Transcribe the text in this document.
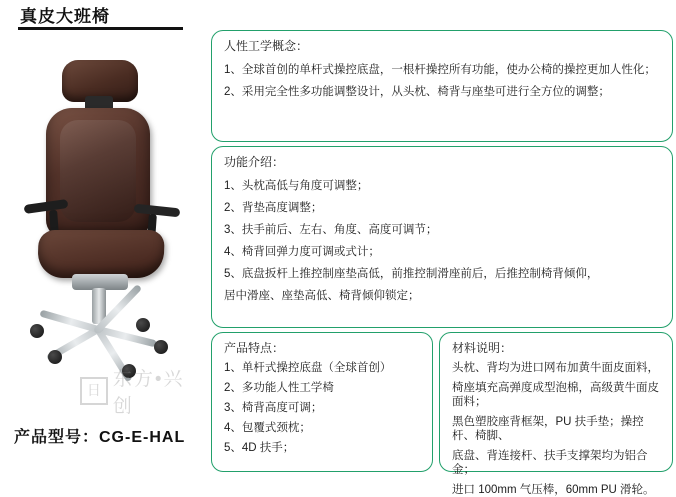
真皮大班椅
日 东方•兴创
产品型号：CG-E-HAL

人性工学概念：

1、全球首创的单杆式操控底盘，一根杆操控所有功能，使办公椅的操控更加人性化；

2、采用完全性多功能调整设计，从头枕、椅背与座垫可进行全方位的调整；

功能介绍：

1、头枕高低与角度可调整；

2、背垫高度调整；

3、扶手前后、左右、角度、高度可调节；

4、椅背回弹力度可调或式计；

5、底盘扳杆上推控制座垫高低，前推控制滑座前后，后推控制椅背倾仰，

居中滑座、座垫高低、椅背倾仰锁定；

产品特点：

1、单杆式操控底盘（全球首创）

2、多功能人性工学椅

3、椅背高度可调；

4、包覆式颈枕；

5、4D 扶手；

材料说明：

头枕、背均为进口网布加黄牛面皮面料，

椅座填充高弹度成型泡棉，高级黄牛面皮面料；

黑色塑胶座背框架，PU 扶手垫；操控杆、椅脚、

底盘、背连接杆、扶手支撑架均为铝合金；

进口 100mm 气压棒，60mm PU 滑轮。
